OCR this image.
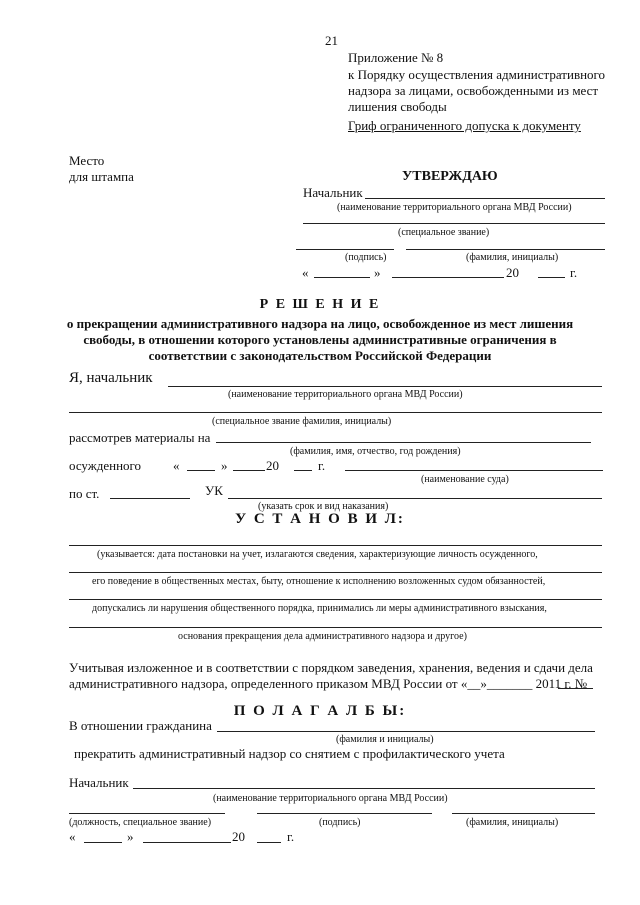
21
Приложение № 8
к Порядку осуществления административного
надзора за лицами, освобожденными из мест
лишения свободы
Гриф ограниченного допуска к документу
Место
для штампа	УТВЕРЖДАЮ
Начальник
(наименование территориального органа МВД России)
(специальное звание)
(подпись)	(фамилия, инициалы)
«	»	20	г.
Р Е Ш Е Н И Е
о прекращении административного надзора на лицо, освобожденное из мест лишения
свободы, в отношении которого установлены административные ограничения в
соответствии с законодательством Российской Федерации
Я, начальник
(наименование территориального органа МВД России)
(специальное звание фамилия, инициалы)
рассмотрев материалы на
(фамилия, имя, отчество, год рождения)
осужденного «	»	20	г.
(наименование суда)
по ст.	УК
(указать срок и вид наказания)
У С Т А Н О В И Л:
(указывается: дата постановки на учет, излагаются сведения, характеризующие личность осужденного,
его поведение в общественных местах, быту, отношение к исполнению возложенных судом обязанностей,
допускались ли нарушения общественного порядка, принимались ли меры административного взыскания,
основания прекращения дела административного надзора и другое)
Учитывая изложенное и в соответствии с порядком заведения, хранения, ведения и сдачи дела
административного надзора, определенного приказом МВД России от «__»_______ 2011 г. №
П О Л А Г А Л Б Ы:
В отношении гражданина
(фамилия и инициалы)
прекратить административный надзор со снятием с профилактического учета
Начальник
(наименование территориального органа МВД России)
(должность, специальное звание)	(подпись)	(фамилия, инициалы)
«	»	20	г.
